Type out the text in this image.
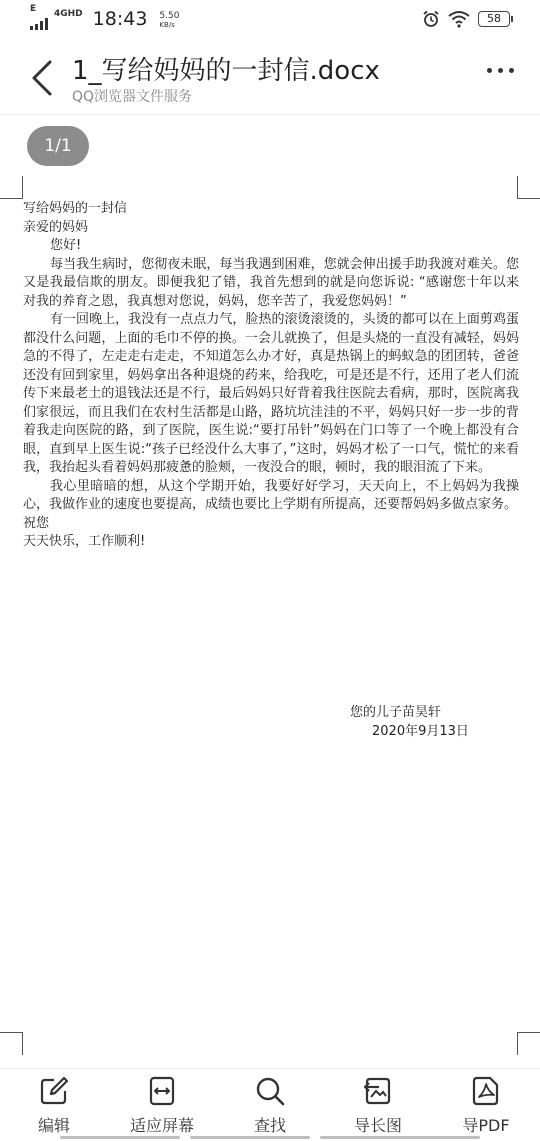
E 4GHD 18:43 5.50
KB/s	58
1_写给妈妈的一封信.docx
QQ浏览器文件服务
1/1

写给妈妈的一封信

亲爱的妈妈

您好!

每当我生病时，您彻夜未眠，每当我遇到困难，您就会伸出援手助我渡对难关。您又是我最信欺的朋友。即便我犯了错，我首先想到的就是向您诉说: “感谢您十年以来对我的养育之恩，我真想对您说，妈妈，您辛苦了，我爱您妈妈！”

有一回晚上，我没有一点点力气，脸热的滚烫滚烫的，头烫的都可以在上面剪鸡蛋都没什么问题，上面的毛巾不停的换。一会儿就换了，但是头烧的一直没有减轻，妈妈急的不得了，左走走右走走，不知道怎么办才好，真是热锅上的蚂蚁急的团团转，爸爸还没有回到家里，妈妈拿出各种退烧的药来，给我吃，可是还是不行，还用了老人们流传下来最老土的退钱法还是不行，最后妈妈只好背着我往医院去看病，那时，医院离我们家很远，而且我们在农村生活都是山路，路坑坑洼洼的不平，妈妈只好一步一步的背着我走向医院的路，到了医院，医生说:“要打吊针”妈妈在门口等了一个晚上都没有合眼，直到早上医生说:“孩子已经没什么大事了，”这时，妈妈才松了一口气，慌忙的来看我，我抬起头看着妈妈那疲惫的脸颊，一夜没合的眼，顿时，我的眼泪流了下来。

我心里暗暗的想，从这个学期开始，我要好好学习，天天向上，不上妈妈为我操心，我做作业的速度也要提高，成绩也要比上学期有所提高，还要帮妈妈多做点家务。

祝您

天天快乐，工作顺利!

您的儿子苗昊轩
2020年9月13日
编辑	适应屏幕	查找	导长图	导PDF
